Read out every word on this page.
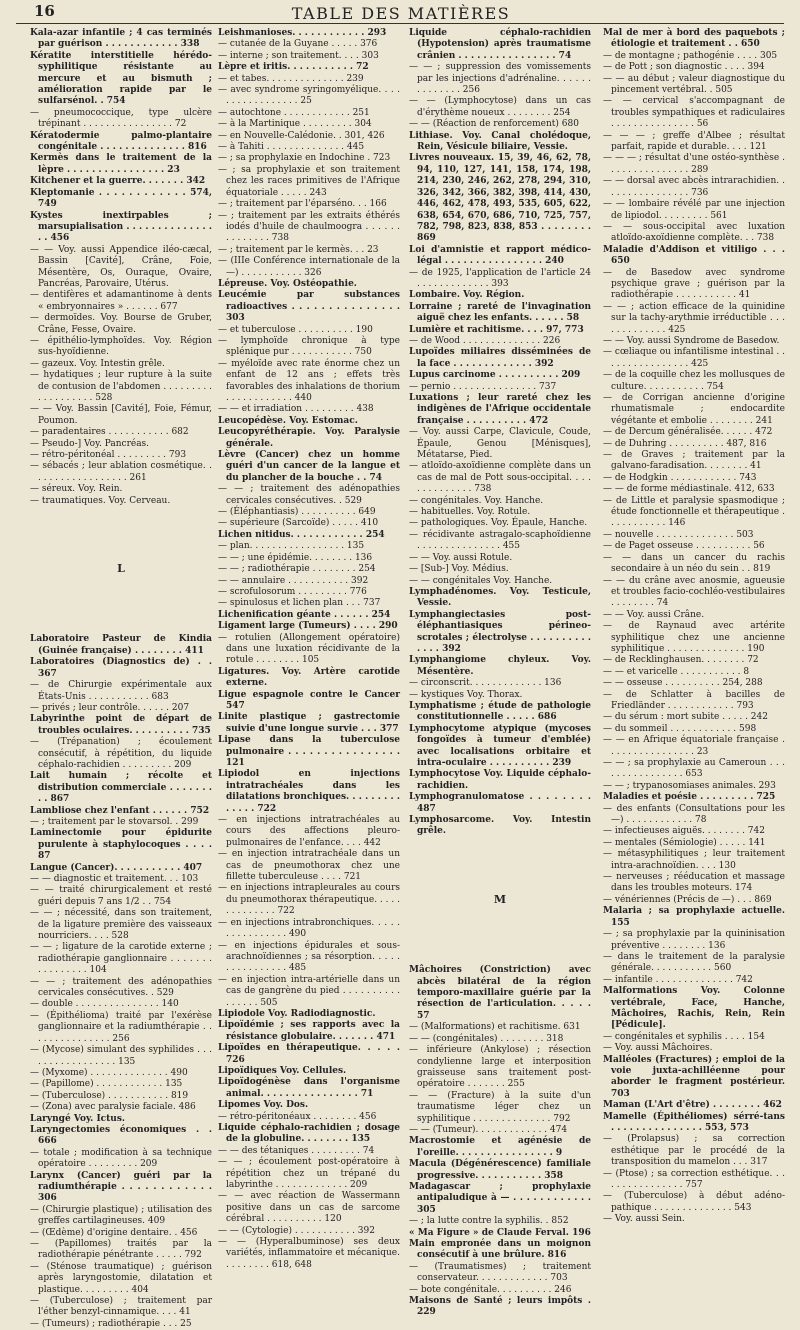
16	TABLE DES MATIÈRES

Kala-azar infantile ; 4 cas terminés par guérison . . . . . . . . . . . . 338

Kératite interstitielle hérédo-syphilitique résistante au mercure et au bismuth ; amélioration rapide par le sulfarsénol. . 754

— pneumococcique, type ulcère trépinant . . . . . . . . . . . . . . . . 72

Kératodermie palmo-plantaire congénitale . . . . . . . . . . . . . . 816

Kermès dans le traitement de la lèpre . . . . . . . . . . . . . . . . 23

Kitchener et la guerre. . . . . . . 342

Kleptomanie . . . . . . . . . . . . 574, 749

Kystes inextirpables ; marsupialisation . . . . . . . . . . . . . . . . 456

— — Voy. aussi Appendice iléo-cæcal, Bassin [Cavité], Crâne, Foie, Mésentère, Os, Ouraque, Ovaire, Pancréas, Parovaire, Utérus.

— dentifères et adamantinome à dents « embryonnaires » . . . . . . 677

— dermoïdes. Voy. Bourse de Gruber, Crâne, Fesse, Ovaire.

— épithélio-lymphoïdes. Voy. Région sus-hyoïdienne.

— gazeux. Voy. Intestin grêle.

— hydatiques ; leur rupture à la suite de contusion de l'abdomen . . . . . . . . . . . . . . . . . . . 528

— — Voy. Bassin [Cavité], Foie, Fémur, Poumon.

— paradentaires . . . . . . . . . . . 682

— Pseudo-] Voy. Pancréas.

— rétro-péritonéal . . . . . . . . . 793

— sébacés ; leur ablation cosmétique. . . . . . . . . . . . . . . . . . 261

— séreux. Voy. Rein.

— traumatiques. Voy. Cerveau.

L

Laboratoire Pasteur de Kindia (Guinée française) . . . . . . . . 411

Laboratoires (Diagnostics de) . . 367

— de Chirurgie expérimentale aux États-Unis . . . . . . . . . . . 683

— privés ; leur contrôle. . . . . . 207

Labyrinthe point de départ de troubles oculaires. . . . . . . . . . 735

— (Trépanation) ; écoulement consécutif, à répétition, du liquide céphalo-rachidien . . . . . . . . . 209

Lait humain ; récolte et distribution commerciale . . . . . . . . . 867

Lambliose chez l'enfant . . . . . . 752

— ; traitement par le stovarsol. . 299

Laminectomie pour épidurite purulente à staphylocoques . . . . 87

Langue (Cancer). . . . . . . . . . . 407

— — diagnostic et traitement. . . 103

— — traité chirurgicalement et resté guéri depuis 7 ans 1/2 . . 754

— — ; nécessité, dans son traitement, de la ligature première des vaisseaux nourriciers. . . . 528

— — ; ligature de la carotide externe ; radiothérapie ganglionnaire . . . . . . . . . . . . . . . . 104

— — ; traitement des adénopathies cervicales consécutives. . 529

— double . . . . . . . . . . . . . . . 140

— (Épithélioma) traité par l'exérèse ganglionnaire et la radiumthérapie . . . . . . . . . . . . . . . 256

— (Mycose) simulant des syphilides . . . . . . . . . . . . . . . . . 135

— (Myxome) . . . . . . . . . . . . . . 490

— (Papillome) . . . . . . . . . . . . 135

— (Tuberculose) . . . . . . . . . . . 819

— (Zona) avec paralysie faciale. 486

Laryngé Voy. Ictus.

Laryngectomies économiques . . 666

— totale ; modification à sa technique opératoire . . . . . . . . . 209

Larynx (Cancer) guéri par la radiumthérapie . . . . . . . . . . . . 306

— (Chirurgie plastique) ; utilisation des greffes cartilagineuses. 409

— (Œdème) d'origine dentaire. . 456

— (Papillomes) traités par la radiothérapie pénétrante . . . . . 792

— (Sténose traumatique) ; guérison après laryngostomie, dilatation et plastique. . . . . . . . . 404

— (Tuberculose) ; traitement par l'éther benzyl-cinnamique. . . . 41

— (Tumeurs) ; radiothérapie . . . 25

Leishmanioses. . . . . . . . . . . . 293

— cutanée de la Guyane . . . . . 376

— interne ; son traitement. . . . 303

Lèpre et iritis. . . . . . . . . . . 72

— et tabes. . . . . . . . . . . . . . 239

— avec syndrome syringomyélique. . . . . . . . . . . . . . . . . 25

— autochtone . . . . . . . . . . . . 251

— à la Martinique . . . . . . . . . 304

— en Nouvelle-Calédonie. . 301, 426

— à Tahiti . . . . . . . . . . . . . . 445

— ; sa prophylaxie en Indochine . 723

— ; sa prophylaxie et son traitement chez les races primitives de l'Afrique équatoriale . . . . . 243

— ; traitement par l'éparséno. . . 166

— ; traitement par les extraits éthérés iodés d'huile de chaulmoogra . . . . . . . . . . . . . . 738

— ; traitement par le kermès. . . 23

— (IIIe Conférence internationale de la —) . . . . . . . . . . . 326

Lépreuse. Voy. Ostéopathie.

Leucémie par substances radioactives . . . . . . . . . . . . . . . 303

— et tuberculose . . . . . . . . . . 190

— lymphoïde chronique à type splénique pur . . . . . . . . . . . 750

— myéloïde avec rate énorme chez un enfant de 12 ans ; effets très favorables des inhalations de thorium . . . . . . . . . . . . 440

— — et irradiation . . . . . . . . . 438

Leucopédèse. Voy. Estomac.

Leucopyréthérapie. Voy. Paralysie générale.

Lèvre (Cancer) chez un homme guéri d'un cancer de la langue et du plancher de la bouche . . 74

— — ; traitement des adénopathies cervicales consécutives. . 529

— (Éléphantiasis) . . . . . . . . . . 649

— supérieure (Sarcoïde) . . . . . 410

Lichen nitidus. . . . . . . . . . . . 254

— plan. . . . . . . . . . . . . . . . . 135

— — ; une épidémie. . . . . . . . 136

— — ; radiothérapie . . . . . . . . 254

— — annulaire . . . . . . . . . . . 392

— scrofulosorum . . . . . . . . . 776

— spinulosus et lichen plan . . . 737

Lichenification géante . . . . . . 254

Ligament large (Tumeurs) . . . . 290

— rotulien (Allongement opératoire) dans une luxation récidivante de la rotule . . . . . . . . 105

Ligatures. Voy. Artère carotide externe.

Ligue espagnole contre le Cancer 547

Linite plastique ; gastrectomie suivie d'une longue survie . . . 377

Lipase dans la tuberculose pulmonaire . . . . . . . . . . . . . . . . 121

Lipiodol en injections intratrachéales dans les dilatations bronchiques. . . . . . . . . . . . . . 722

— en injections intratrachéales au cours des affections pleuro-pulmonaires de l'enfance. . . . 442

— en injection intratrachéale dans un cas de pneumothorax chez une fillette tuberculeuse . . . . 721

— en injections intrapleurales au cours du pneumothorax thérapeutique. . . . . . . . . . . . . . 722

— en injections intrabronchiques. . . . . . . . . . . . . . . . 490

— en injections épidurales et sous-arachnoïdiennes ; sa résorption. . . . . . . . . . . . . . . . 485

— en injection intra-artérielle dans un cas de gangrène du pied . . . . . . . . . . . . . . . . 505

Lipiodole Voy. Radiodiagnostic.

Lipoïdémie ; ses rapports avec la résistance globulaire. . . . . . . 471

Lipoïdes en thérapeutique. . . . . 726

Lipoïdiques Voy. Cellules.

Lipoïdogénèse dans l'organisme animal. . . . . . . . . . . . . . . . 71

Lipomes Voy. Dos.

— rétro-péritonéaux . . . . . . . . 456

Liquide céphalo-rachidien ; dosage de la globuline. . . . . . . . 135

— — des tétaniques . . . . . . . . . 74

— — ; écoulement post-opératoire à répétition chez un trépané du labyrinthe . . . . . . . . . . . . . 209

— — avec réaction de Wassermann positive dans un cas de sarcome cérébral . . . . . . . . . . 120

— — (Cytologie) . . . . . . . . . . . 392

— — (Hyperalbuminose) ses deux variétés, inflammatoire et mécanique. . . . . . . . . 618, 648

Liquide céphalo-rachidien (Hypotension) après traumatisme crânien . . . . . . . . . . . . . . . . 74

— — ; suppression des vomissements par les injections d'adrénaline. . . . . . . . . . . . . . 256

— — (Lymphocytose) dans un cas d'érythème noueux . . . . . . . . 254

— — (Réaction de renforcement) 680

Lithiase. Voy. Canal cholédoque, Rein, Vésicule biliaire, Vessie.

Livres nouveaux. 15, 39, 46, 62, 78, 94, 110, 127, 141, 158, 174, 198, 214, 230, 246, 262, 278, 294, 310, 326, 342, 366, 382, 398, 414, 430, 446, 462, 478, 493, 535, 605, 622, 638, 654, 670, 686, 710, 725, 757, 782, 798, 823, 838, 853 . . . . . . . . 869

Loi d'amnistie et rapport médico-légal . . . . . . . . . . . . . . . . 240

— de 1925, l'application de l'article 24 . . . . . . . . . . . . . 393

Lombaire. Voy. Région.

Lorraine ; rareté de l'invagination aiguë chez les enfants. . . . . . 58

Lumière et rachitisme. . . . 97, 773

— de Wood . . . . . . . . . . . . . . 226

Lupoïdes miliaires disséminées de la face . . . . . . . . . . . . . 392

Lupus carcinome . . . . . . . . . . 209

— pernio . . . . . . . . . . . . . . . 737

Luxations ; leur rareté chez les indigènes de l'Afrique occidentale française . . . . . . . . . . 472

— Voy. aussi Carpe, Clavicule, Coude, Épaule, Genou [Ménisques], Métatarse, Pied.

— atloïdo-axoïdienne complète dans un cas de mal de Pott sous-occipital. . . . . . . . . . . . . . 738

— congénitales. Voy. Hanche.

— habituelles. Voy. Rotule.

— pathologiques. Voy. Épaule, Hanche.

— récidivante astragalo-scaphoïdienne . . . . . . . . . . . . . . . 455

— — Voy. aussi Rotule.

— [Sub-] Voy. Médius.

— — congénitales Voy. Hanche.

Lymphadénomes. Voy. Testicule, Vessie.

Lymphangiectasies post-éléphantiasiques périneo-scrotales ; électrolyse . . . . . . . . . . . . . . 392

Lymphangiome chyleux. Voy. Mésentère.

— circonscrit. . . . . . . . . . . . . 136

— kystiques Voy. Thorax.

Lymphatisme ; étude de pathologie constitutionnelle . . . . . 686

Lymphocytome atypique (mycoses fongoïdes à tumeur d'emblée) avec localisations orbitaire et intra-oculaire . . . . . . . . . . 239

Lymphocytose Voy. Liquide céphalo-rachidien.

Lymphogranulomatose . . . . . . . . 487

Lymphosarcome. Voy. Intestin grêle.

M

Mâchoires (Constriction) avec abcès bilatéral de la région temporo-maxillaire guérie par la résection de l'articulation. . . . . 57

— (Malformations) et rachitisme. 631

— — (congénitales) . . . . . . . . 318

— inférieure (Ankylose) ; résection condylienne large et interposition graisseuse sans traitement post-opératoire . . . . . . . 255

— — (Fracture) à la suite d'un traumatisme léger chez un syphilitique . . . . . . . . . . . . . . 792

— — (Tumeur). . . . . . . . . . . . . 474

Macrostomie et agénésie de l'oreille. . . . . . . . . . . . . . . . 9

Macula (Dégénérescence) familiale progressive. . . . . . . . . . . 358

Madagascar ; prophylaxie antipaludique à — . . . . . . . . . . . . 305

— ; la lutte contre la syphilis. . 852

« Ma Figure » de Claude Ferval. 196

Main empronée dans un moignon consécutif à une brûlure. 816

— (Traumatismes) ; traitement conservateur. . . . . . . . . . . . . 703

— bote congénitale. . . . . . . . . . 246

Maisons de Santé ; leurs impôts . 229

Mal de mer à bord des paquebots ; étiologie et traitement . . 650

— de montagne ; pathogénie . . . . 305

— de Pott ; son diagnostic . . . . 394

— — au début ; valeur diagnostique du pincement vertébral. . 505

— — cervical s'accompagnant de troubles sympathiques et radiculaires . . . . . . . . . . . . . . . 56

— — — ; greffe d'Albee ; résultat parfait, rapide et durable. . . . 121

— — — ; résultat d'une ostéo-synthèse . . . . . . . . . . . . . . . 289

— — dorsal avec abcès intrarachidien. . . . . . . . . . . . . . . . 736

— — lombaire révélé par une injection de lipiodol. . . . . . . . . 561

— — sous-occipital avec luxation atloïdo-axoïdienne complète. . . 738

Maladie d'Addison et vitiligo . . . 650

— de Basedow avec syndrome psychique grave ; guérison par la radiothérapie . . . . . . . . . . . 41

— — ; action efficace de la quinidine sur la tachy-arythmie irréductible . . . . . . . . . . . . . 425

— — Voy. aussi Syndrome de Basedow.

— cœliaque ou infantilisme intestinal . . . . . . . . . . . . . . . . 425

— de la coquille chez les mollusques de culture. . . . . . . . . . . 754

— de Corrigan ancienne d'origine rhumatismale ; endocardite végétante et embolie . . . . . . . . 241

— de Dercum généralisée. . . . . . 472

— de Duhring . . . . . . . . . . 487, 816

— de Graves ; traitement par la galvano-faradisation. . . . . . . . 41

— de Hodgkin . . . . . . . . . . . . 743

— — de forme médiastinale. 412, 633

— de Little et paralysie spasmodique ; étude fonctionnelle et thérapeutique . . . . . . . . . . . 146

— nouvelle . . . . . . . . . . . . . . 503

— de Paget osseuse . . . . . . . . . . 56

— — dans un cancer du rachis secondaire à un néo du sein . . 819

— — du crâne avec anosmie, agueusie et troubles facio-cochléo-vestibulaires . . . . . . . . 74

— — Voy. aussi Crâne.

— de Raynaud avec artérite syphilitique chez une ancienne syphilitique . . . . . . . . . . . . . . 190

— de Recklinghausen. . . . . . . . 72

— — et varicelle . . . . . . . . . . . 8

— — osseuse . . . . . . . . . . 254, 288

— de Schlatter à bacilles de Friedländer . . . . . . . . . . . . 793

— du sérum : mort subite . . . . . 242

— du sommeil . . . . . . . . . . . . 598

— — en Afrique équatoriale française . . . . . . . . . . . . . . . . 23

— — ; sa prophylaxie au Cameroun . . . . . . . . . . . . . . . . 653

— — ; trypanosomiases animales. 293

Maladies et poésie . . . . . . . . . 725

— des enfants (Consultations pour les —) . . . . . . . . . . . . 78

— infectieuses aiguës. . . . . . . . 742

— mentales (Sémiologie) . . . . . 141

— métasyphilitiques ; leur traitement intra-arachnoïdien. . . . 130

— nerveuses ; rééducation et massage dans les troubles moteurs. 174

— vénériennes (Précis de —) . . . 869

Malaria ; sa prophylaxie actuelle. 155

— ; sa prophylaxie par la quininisation préventive . . . . . . . . 136

— dans le traitement de la paralysie générale. . . . . . . . . . . 560

— infantile . . . . . . . . . . . . . . 742

Malformations Voy. Colonne vertébrale, Face, Hanche, Mâchoires, Rachis, Rein, Rein [Pédicule].

— congénitales et syphilis . . . . 154

— Voy. aussi Mâchoires.

Malléoles (Fractures) ; emploi de la voie juxta-achilléenne pour aborder le fragment postérieur. 703

Maman (L'Art d'être) . . . . . . . . 462

Mamelle (Épithéliomes) sérré-tans . . . . . . . . . . . . . . . 553, 573

— (Prolapsus) ; sa correction esthétique par le procédé de la transposition du mamelon . . . 317

— (Ptose) ; sa correction esthétique. . . . . . . . . . . . . . . . 757

— (Tuberculose) à début adéno-pathique . . . . . . . . . . . . . . 543

— Voy. aussi Sein.
